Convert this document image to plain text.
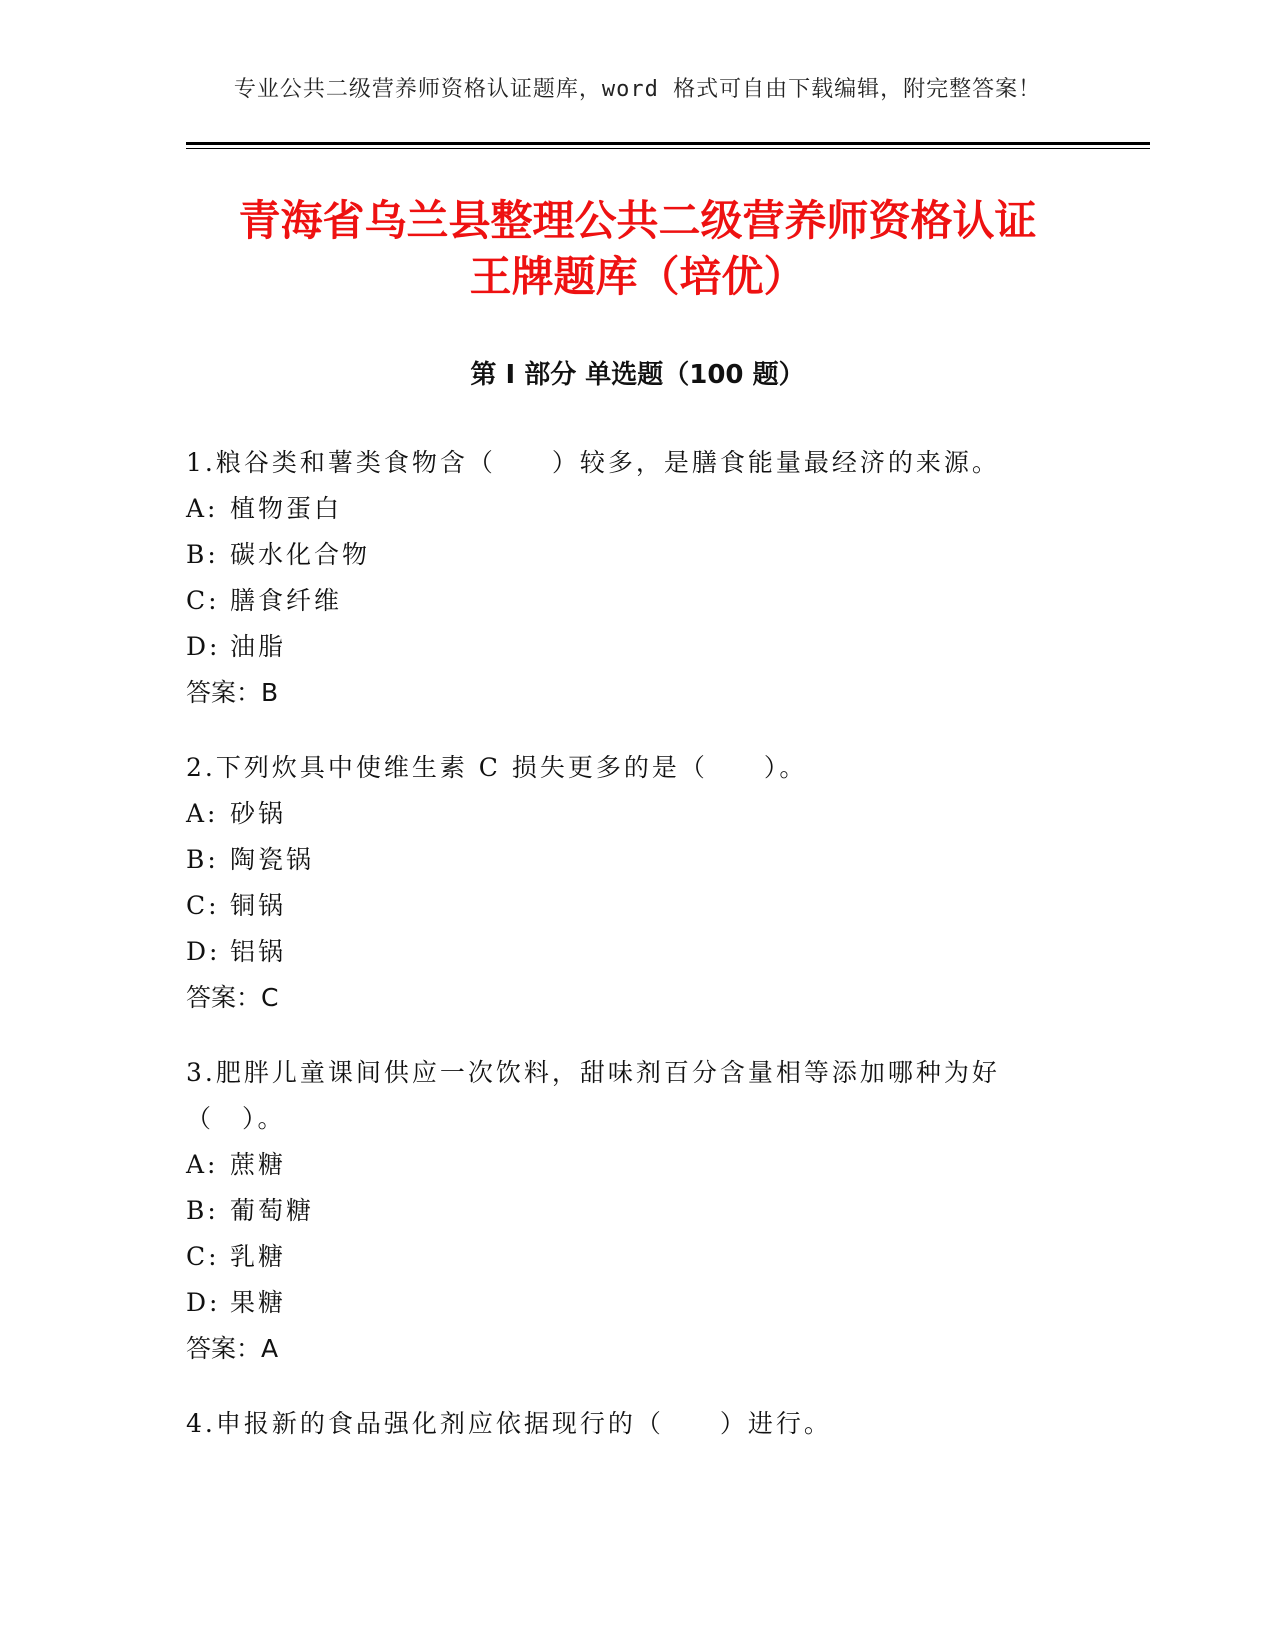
专业公共二级营养师资格认证题库，word 格式可自由下载编辑，附完整答案！
青海省乌兰县整理公共二级营养师资格认证
王牌题库（培优）
第 I 部分 单选题（100 题）
1.粮谷类和薯类食物含（　　）较多，是膳食能量最经济的来源。
A: 植物蛋白
B: 碳水化合物
C: 膳食纤维
D: 油脂
答案：B
2.下列炊具中使维生素 C 损失更多的是（　　）。
A: 砂锅
B: 陶瓷锅
C: 铜锅
D: 铝锅
答案：C
3.肥胖儿童课间供应一次饮料，甜味剂百分含量相等添加哪种为好（　）。
A: 蔗糖
B: 葡萄糖
C: 乳糖
D: 果糖
答案：A
4.申报新的食品强化剂应依据现行的（　　）进行。
